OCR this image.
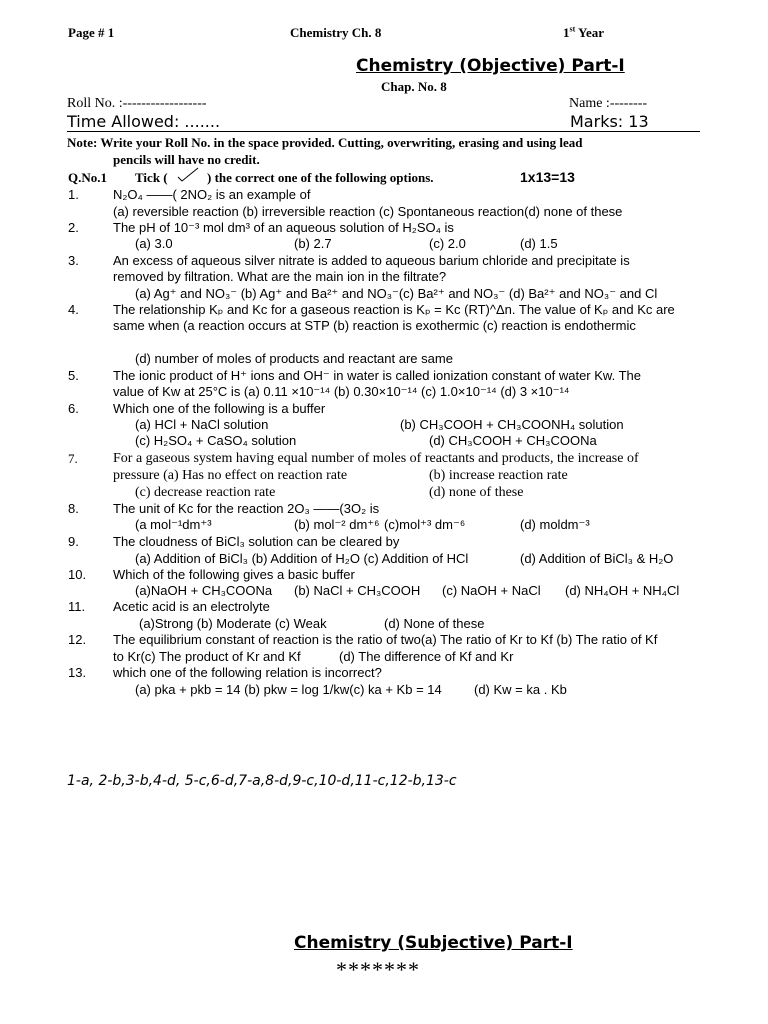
Page # 1	Chemistry Ch. 8	1st Year
Chemistry (Objective) Part-I
Chap. No. 8
Roll No. :------------------	Name :--------
Time Allowed: .......	Marks: 13
Note: Write your Roll No. in the space provided. Cutting, overwriting, erasing and using lead
pencils will have no credit.
Q.No.1 Tick (	) the correct one of the following options.	1x13=13
1.	N₂O₄ ——( 2NO₂ is an example of
(a) reversible reaction (b) irreversible reaction (c) Spontaneous reaction(d) none of these
2.	The pH of 10⁻³ mol dm³ of an aqueous solution of H₂SO₄ is
(a) 3.0	(b) 2.7	(c) 2.0	(d) 1.5
3.	An excess of aqueous silver nitrate is added to aqueous barium chloride and precipitate is
removed by filtration. What are the main ion in the filtrate?
(a) Ag⁺ and NO₃⁻ (b) Ag⁺ and Ba²⁺ and NO₃⁻(c) Ba²⁺ and NO₃⁻ (d) Ba²⁺ and NO₃⁻ and Cl
4.	The relationship Kₚ and Kc for a gaseous reaction is Kₚ = Kc (RT)^Δn. The value of Kₚ and Kc are
same when (a reaction occurs at STP (b) reaction is exothermic (c) reaction is endothermic
(d) number of moles of products and reactant are same
5.	The ionic product of H⁺ ions and OH⁻ in water is called ionization constant of water Kw. The
value of Kw at 25°C is (a) 0.11 ×10⁻¹⁴ (b) 0.30×10⁻¹⁴ (c) 1.0×10⁻¹⁴ (d) 3 ×10⁻¹⁴
6.	Which one of the following is a buffer
(a) HCl + NaCl solution	(b) CH₃COOH + CH₃COONH₄ solution
(c) H₂SO₄ + CaSO₄ solution	(d) CH₃COOH + CH₃COONa
7.	For a gaseous system having equal number of moles of reactants and products, the increase of
pressure (a) Has no effect on reaction rate	(b) increase reaction rate
(c) decrease reaction rate	(d) none of these
8.	The unit of Kc for the reaction 2O₃ ——(3O₂ is
(a mol⁻¹dm⁺³	(b) mol⁻² dm⁺⁶ (c)mol⁺³ dm⁻⁶	(d) moldm⁻³
9.	The cloudness of BiCl₃ solution can be cleared by
(a) Addition of BiCl₃ (b) Addition of H₂O (c) Addition of HCl	(d) Addition of BiCl₃ & H₂O
10. Which of the following gives a basic buffer
(a)NaOH + CH₃COONa (b) NaCl + CH₃COOH (c) NaOH + NaCl (d) NH₄OH + NH₄Cl
11. Acetic acid is an electrolyte
(a)Strong (b) Moderate (c) Weak	(d) None of these
12. The equilibrium constant of reaction is the ratio of two(a) The ratio of Kr to Kf (b) The ratio of Kf
to Kr(c) The product of Kr and Kf	(d) The difference of Kf and Kr
13. which one of the following relation is incorrect?
(a) pka + pkb = 14 (b) pkw = log 1/kw(c) ka + Kb = 14 (d) Kw = ka . Kb
1-a, 2-b,3-b,4-d, 5-c,6-d,7-a,8-d,9-c,10-d,11-c,12-b,13-c
Chemistry (Subjective) Part-I
*******
